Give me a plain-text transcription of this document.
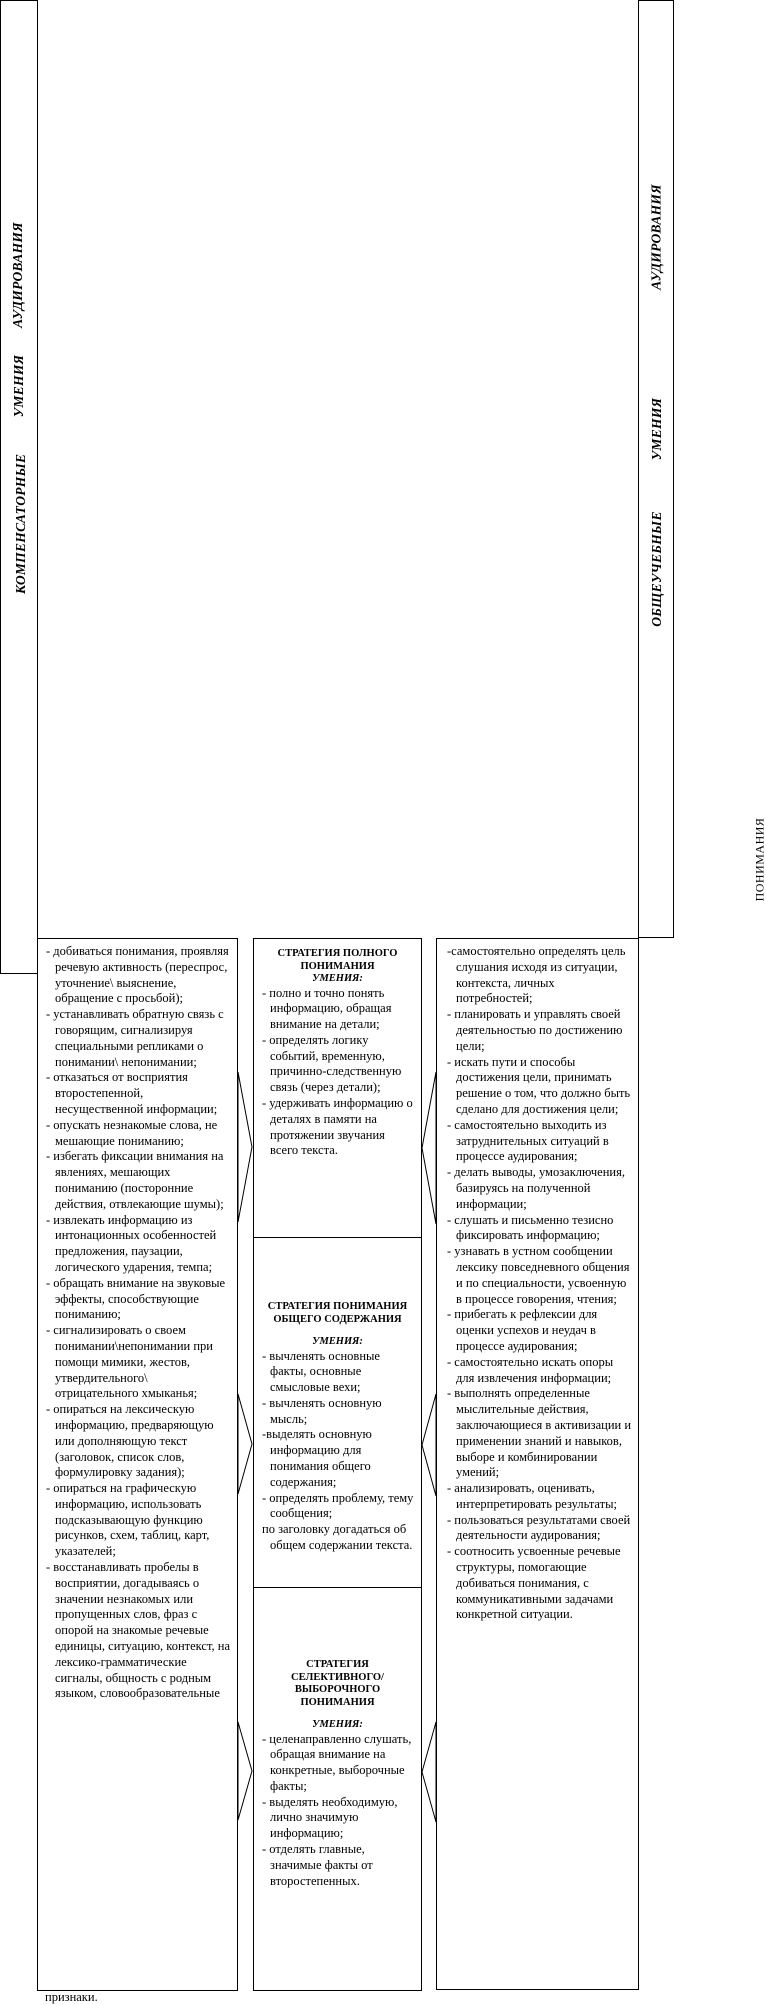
КОМПЕНСАТОРНЫЕ
УМЕНИЯ
АУДИРОВАНИЯ
ОБЩЕУЧЕБНЫЕ
УМЕНИЯ
АУДИРОВАНИЯ
ПОНИМАНИЯ
- добиваться понимания, проявляя речевую активность (переспрос, уточнение\ выяснение, обращение с просьбой);
- устанавливать обратную связь с говорящим, сигнализируя специальными репликами о понимании\ непонимании;
- отказаться от восприятия второстепенной, несущественной информации;
- опускать незнакомые слова, не мешающие пониманию;
- избегать фиксации внимания на явлениях, мешающих пониманию (посторонние действия, отвлекающие шумы);
- извлекать информацию из интонационных особенностей предложения, паузации, логического ударения, темпа;
- обращать внимание на звуковые эффекты, способствующие пониманию;
- сигнализировать о своем понимании\непонимании при помощи мимики, жестов, утвердительного\ отрицательного хмыканья;
- опираться на лексическую информацию, предваряющую или дополняющую текст (заголовок, список слов, формулировку задания);
- опираться на графическую информацию, использовать подсказывающую функцию рисунков, схем, таблиц, карт, указателей;
- восстанавливать пробелы в восприятии, догадываясь о значении незнакомых или пропущенных слов, фраз с опорой на знакомые речевые единицы, ситуацию, контекст, на лексико-грамматические сигналы, общность с родным языком, словообразовательные
признаки.
СТРАТЕГИЯ ПОЛНОГО ПОНИМАНИЯ
УМЕНИЯ:
- полно и точно понять информацию, обращая внимание на детали;
- определять логику событий, временную, причинно-следственную связь (через детали);
- удерживать информацию о деталях в памяти на протяжении звучания всего текста.
СТРАТЕГИЯ ПОНИМАНИЯ ОБЩЕГО СОДЕРЖАНИЯ
УМЕНИЯ:
- вычленять основные факты, основные смысловые вехи;
- вычленять основную мысль;
-выделять основную информацию для понимания общего содержания;
- определять проблему, тему сообщения;
по заголовку догадаться об общем содержании текста.
СТРАТЕГИЯ СЕЛЕКТИВНОГО/ ВЫБОРОЧНОГО ПОНИМАНИЯ
УМЕНИЯ:
- целенаправленно слушать, обращая внимание на конкретные, выборочные факты;
- выделять необходимую, лично значимую информацию;
- отделять главные, значимые факты от второстепенных.
-самостоятельно определять цель слушания исходя из ситуации, контекста, личных потребностей;
- планировать и управлять своей деятельностью по достижению цели;
- искать пути и способы достижения цели, принимать решение о том, что должно быть сделано для достижения цели;
- самостоятельно выходить из затруднительных ситуаций в процессе аудирования;
- делать выводы, умозаключения, базируясь на полученной информации;
- слушать и письменно тезисно фиксировать информацию;
- узнавать в устном сообщении лексику повседневного общения и по специальности, усвоенную в процессе говорения, чтения;
- прибегать к рефлексии для оценки успехов и неудач в процессе аудирования;
- самостоятельно искать опоры для извлечения информации;
- выполнять определенные мыслительные действия, заключающиеся в активизации и применении знаний и навыков, выборе и комбинировании умений;
- анализировать, оценивать, интерпретировать результаты;
- пользоваться результатами своей деятельности аудирования;
- соотносить усвоенные речевые структуры, помогающие добиваться понимания, с коммуникативными задачами конкретной ситуации.
